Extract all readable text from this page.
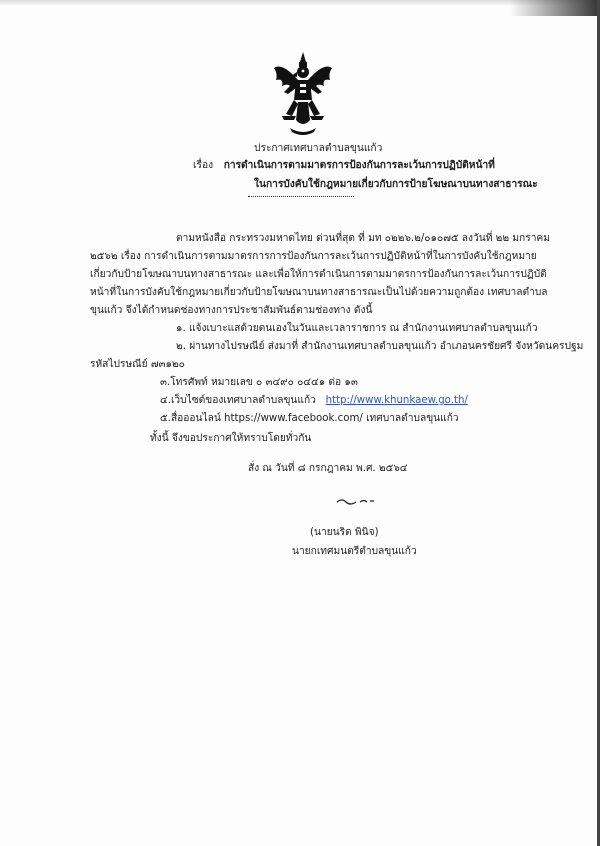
ประกาศเทศบาลตำบลขุนแก้ว
เรื่อง การดำเนินการตามมาตรการป้องกันการละเว้นการปฏิบัติหน้าที่
ในการบังคับใช้กฎหมายเกี่ยวกับการป้ายโฆษณาบนทางสาธารณะ
ตามหนังสือ กระทรวงมหาดไทย ด่วนที่สุด ที่ มท ๐๒๒๖.๒/๐๑๐๗๕ ลงวันที่ ๒๒ มกราคม
๒๕๖๒ เรื่อง การดำเนินการตามมาตรการการป้องกันการละเว้นการปฏิบัติหน้าที่ในการบังคับใช้กฎหมาย
เกี่ยวกับป้ายโฆษณาบนทางสาธารณะ และเพื่อให้การดำเนินการตามมาตรการป้องกันการละเว้นการปฏิบัติ
หน้าที่ในการบังคับใช้กฎหมายเกี่ยวกับป้ายโฆษณาบนทางสาธารณะเป็นไปด้วยความถูกต้อง เทศบาลตำบล
ขุนแก้ว จึงได้กำหนดช่องทางการประชาสัมพันธ์ตามช่องทาง ดังนี้
๑. แจ้งเบาะแสด้วยตนเองในวันและเวลาราชการ ณ สำนักงานเทศบาลตำบลขุนแก้ว
๒. ผ่านทางไปรษณีย์ ส่งมาที่ สำนักงานเทศบาลตำบลขุนแก้ว อำเภอนครชัยศรี จังหวัดนครปฐม
รหัสไปรษณีย์ ๗๓๑๒๐
๓.โทรศัพท์ หมายเลข ๐ ๓๔๙๐ ๐๔๔๑ ต่อ ๑๓
๔.เว็บไซต์ของเทศบาลตำบลขุนแก้ว http://www.khunkaew.go.th/
๕.สื่อออนไลน์ https://www.facebook.com/ เทศบาลตำบลขุนแก้ว
ทั้งนี้ จึงขอประกาศให้ทราบโดยทั่วกัน
สั่ง ณ วันที่ ๘ กรกฎาคม พ.ศ. ๒๕๖๔
(นายนริด พินิจ)
นายกเทศมนตรีตำบลขุนแก้ว
